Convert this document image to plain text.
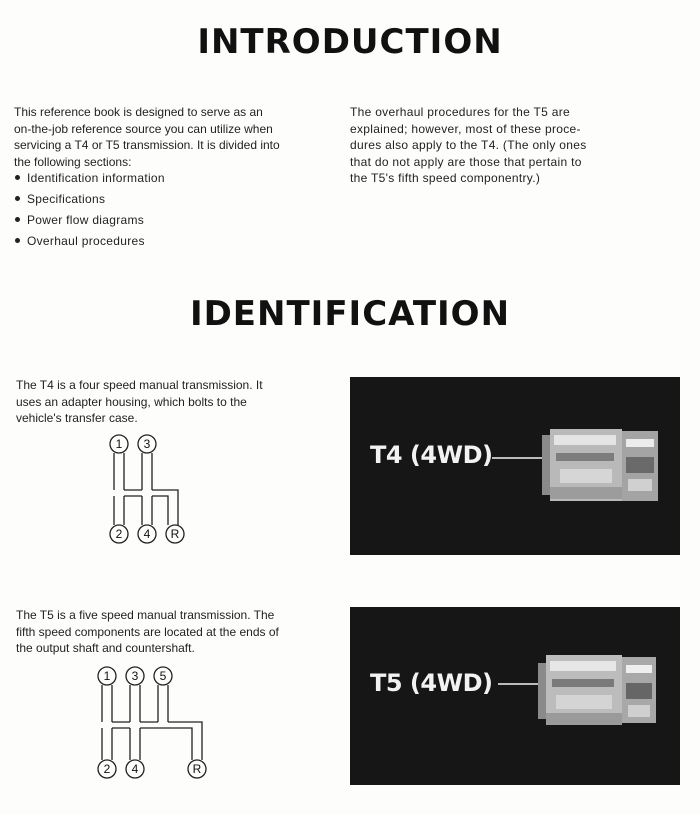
INTRODUCTION

This reference book is designed to serve as an
on-the-job reference source you can utilize when
servicing a T4 or T5 transmission. It is divided into
the following sections:

Identification information
Specifications
Power flow diagrams
Overhaul procedures

The overhaul procedures for the T5 are
explained; however, most of these proce-
dures also apply to the T4. (The only ones
that do not apply are those that pertain to
the T5's fifth speed componentry.)

IDENTIFICATION

The T4 is a four speed manual transmission. It
uses an adapter housing, which bolts to the
vehicle's transfer case.

1 3
2 4 R
T4 (4WD)

The T5 is a five speed manual transmission. The
fifth speed components are located at the ends of
the output shaft and countershaft.

1 3 5
2 4	R
T5 (4WD)
